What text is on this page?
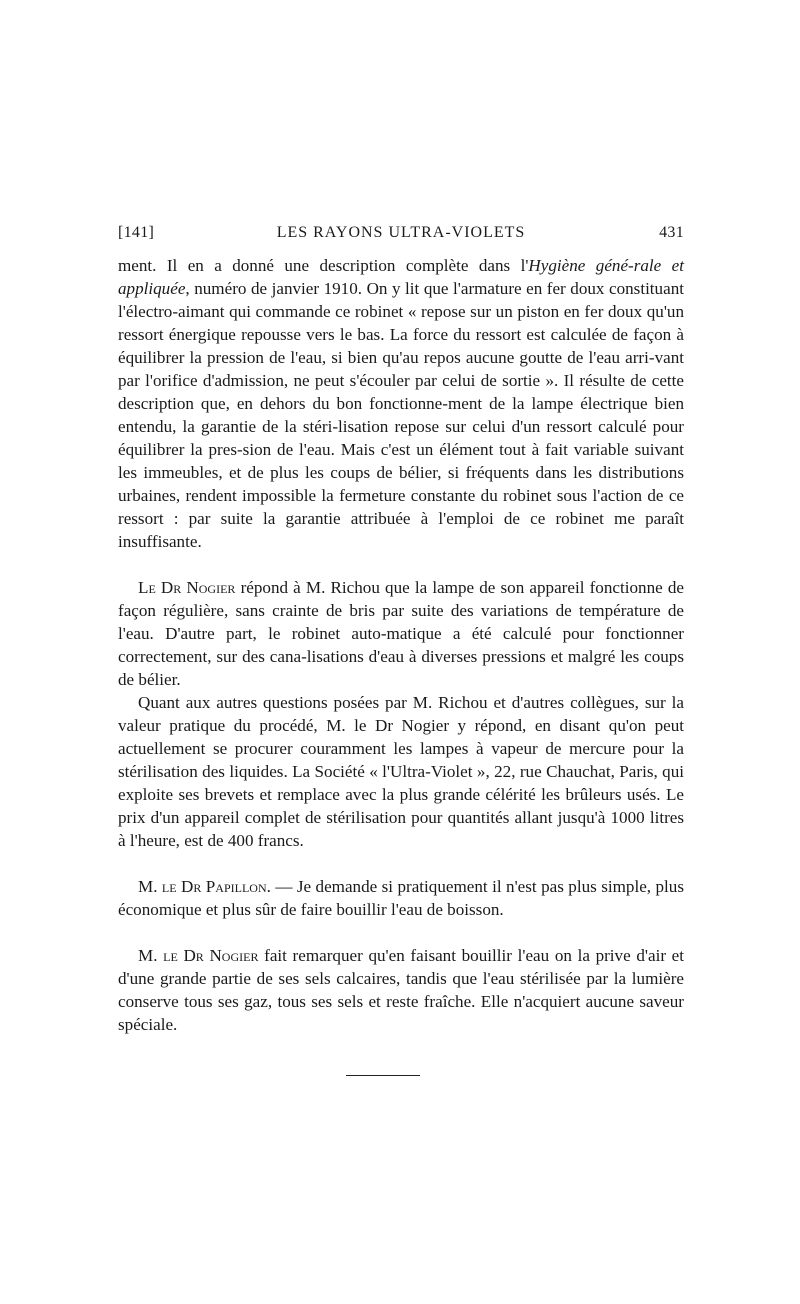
[141]	LES RAYONS ULTRA-VIOLETS	431

ment. Il en a donné une description complète dans l'Hygiène géné-rale et appliquée, numéro de janvier 1910. On y lit que l'armature en fer doux constituant l'électro-aimant qui commande ce robinet « repose sur un piston en fer doux qu'un ressort énergique repousse vers le bas. La force du ressort est calculée de façon à équilibrer la pression de l'eau, si bien qu'au repos aucune goutte de l'eau arri-vant par l'orifice d'admission, ne peut s'écouler par celui de sortie ». Il résulte de cette description que, en dehors du bon fonctionne-ment de la lampe électrique bien entendu, la garantie de la stéri-lisation repose sur celui d'un ressort calculé pour équilibrer la pres-sion de l'eau. Mais c'est un élément tout à fait variable suivant les immeubles, et de plus les coups de bélier, si fréquents dans les distributions urbaines, rendent impossible la fermeture constante du robinet sous l'action de ce ressort : par suite la garantie attribuée à l'emploi de ce robinet me paraît insuffisante.

Le Dr Nogier répond à M. Richou que la lampe de son appareil fonctionne de façon régulière, sans crainte de bris par suite des variations de température de l'eau. D'autre part, le robinet auto-matique a été calculé pour fonctionner correctement, sur des cana-lisations d'eau à diverses pressions et malgré les coups de bélier.

Quant aux autres questions posées par M. Richou et d'autres collègues, sur la valeur pratique du procédé, M. le Dr Nogier y répond, en disant qu'on peut actuellement se procurer couramment les lampes à vapeur de mercure pour la stérilisation des liquides. La Société « l'Ultra-Violet », 22, rue Chauchat, Paris, qui exploite ses brevets et remplace avec la plus grande célérité les brûleurs usés. Le prix d'un appareil complet de stérilisation pour quantités allant jusqu'à 1000 litres à l'heure, est de 400 francs.

M. le Dr Papillon. — Je demande si pratiquement il n'est pas plus simple, plus économique et plus sûr de faire bouillir l'eau de boisson.

M. le Dr Nogier fait remarquer qu'en faisant bouillir l'eau on la prive d'air et d'une grande partie de ses sels calcaires, tandis que l'eau stérilisée par la lumière conserve tous ses gaz, tous ses sels et reste fraîche. Elle n'acquiert aucune saveur spéciale.
